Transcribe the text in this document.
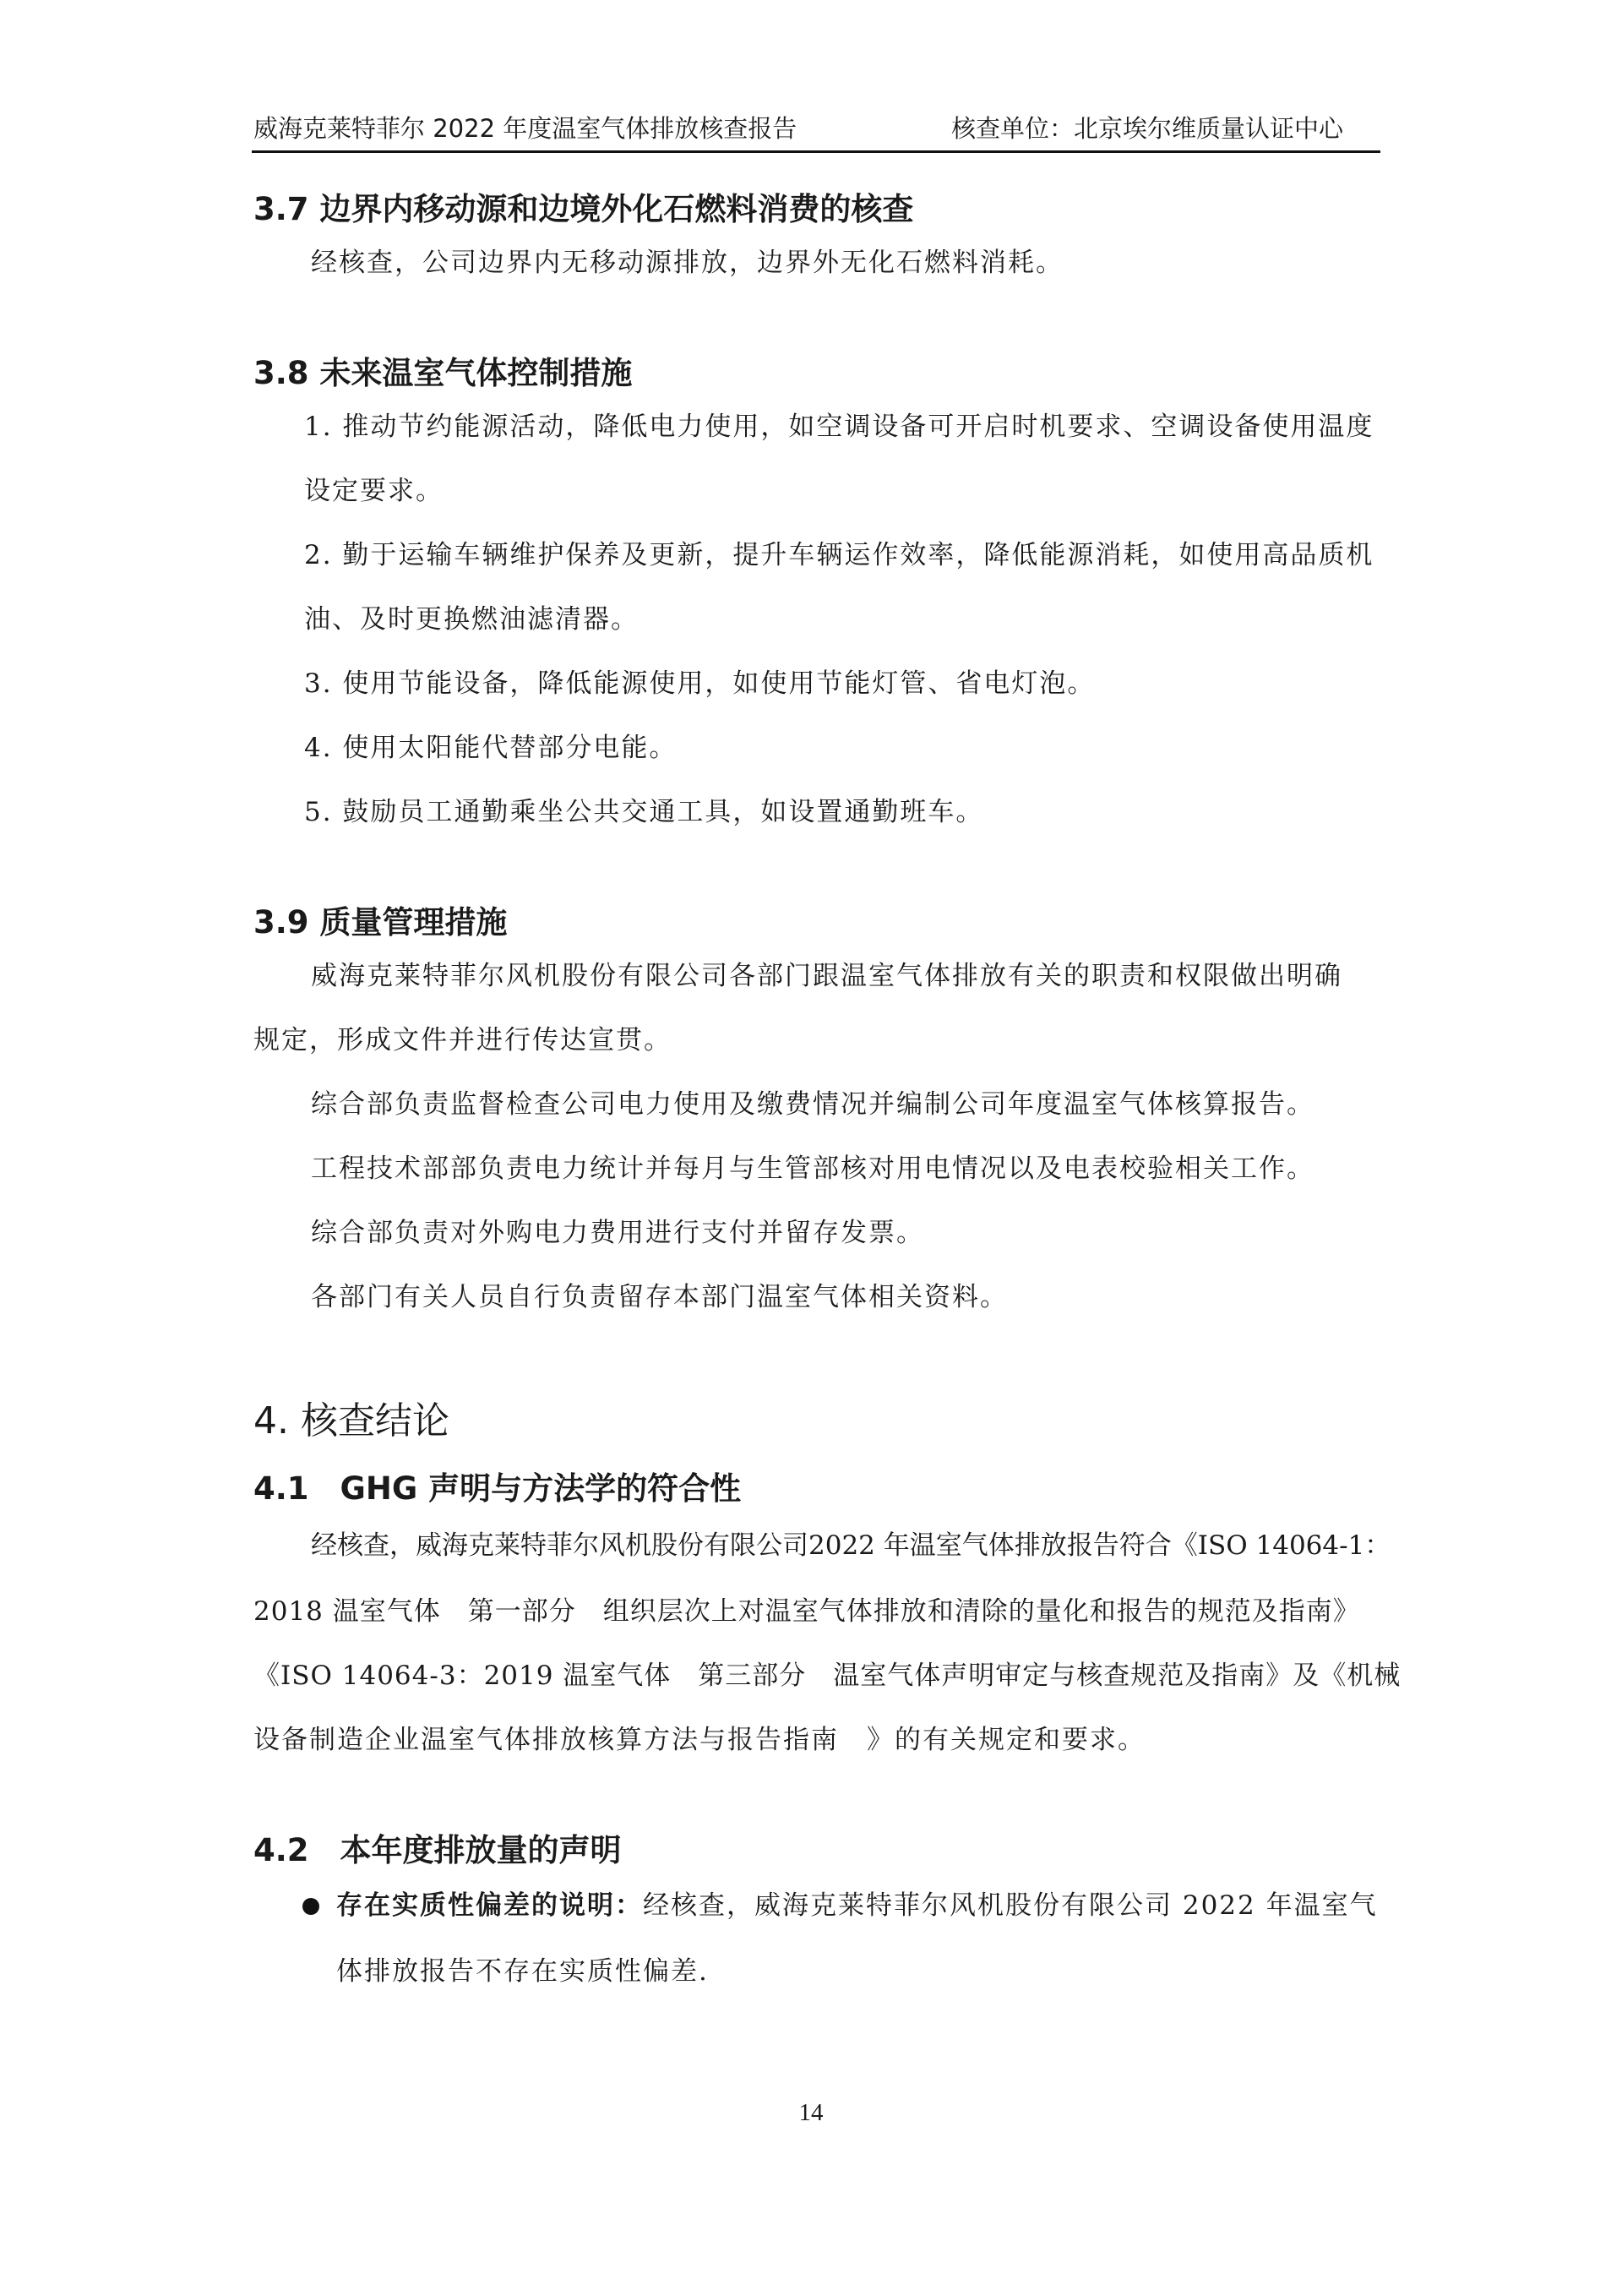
威海克莱特菲尔 2022 年度温室气体排放核查报告	核查单位：北京埃尔维质量认证中心

3.7 边界内移动源和边境外化石燃料消费的核查

经核查，公司边界内无移动源排放，边界外无化石燃料消耗。

3.8 未来温室气体控制措施

1. 推动节约能源活动，降低电力使用，如空调设备可开启时机要求、空调设备使用温度

设定要求。

2. 勤于运输车辆维护保养及更新，提升车辆运作效率，降低能源消耗，如使用高品质机

油、及时更换燃油滤清器。

3. 使用节能设备，降低能源使用，如使用节能灯管、省电灯泡。

4. 使用太阳能代替部分电能。

5. 鼓励员工通勤乘坐公共交通工具，如设置通勤班车。

3.9 质量管理措施

威海克莱特菲尔风机股份有限公司各部门跟温室气体排放有关的职责和权限做出明确

规定，形成文件并进行传达宣贯。

综合部负责监督检查公司电力使用及缴费情况并编制公司年度温室气体核算报告。

工程技术部部负责电力统计并每月与生管部核对用电情况以及电表校验相关工作。

综合部负责对外购电力费用进行支付并留存发票。

各部门有关人员自行负责留存本部门温室气体相关资料。

4. 核查结论

4.1　GHG 声明与方法学的符合性

经核查，威海克莱特菲尔风机股份有限公司2022 年温室气体排放报告符合《ISO 14064-1：

2018 温室气体　第一部分　组织层次上对温室气体排放和清除的量化和报告的规范及指南》

《ISO 14064-3：2019 温室气体　第三部分　温室气体声明审定与核查规范及指南》及《机械

设备制造企业温室气体排放核算方法与报告指南　》的有关规定和要求。

4.2　本年度排放量的声明

存在实质性偏差的说明：经核查，威海克莱特菲尔风机股份有限公司 2022 年温室气

体排放报告不存在实质性偏差.

14
